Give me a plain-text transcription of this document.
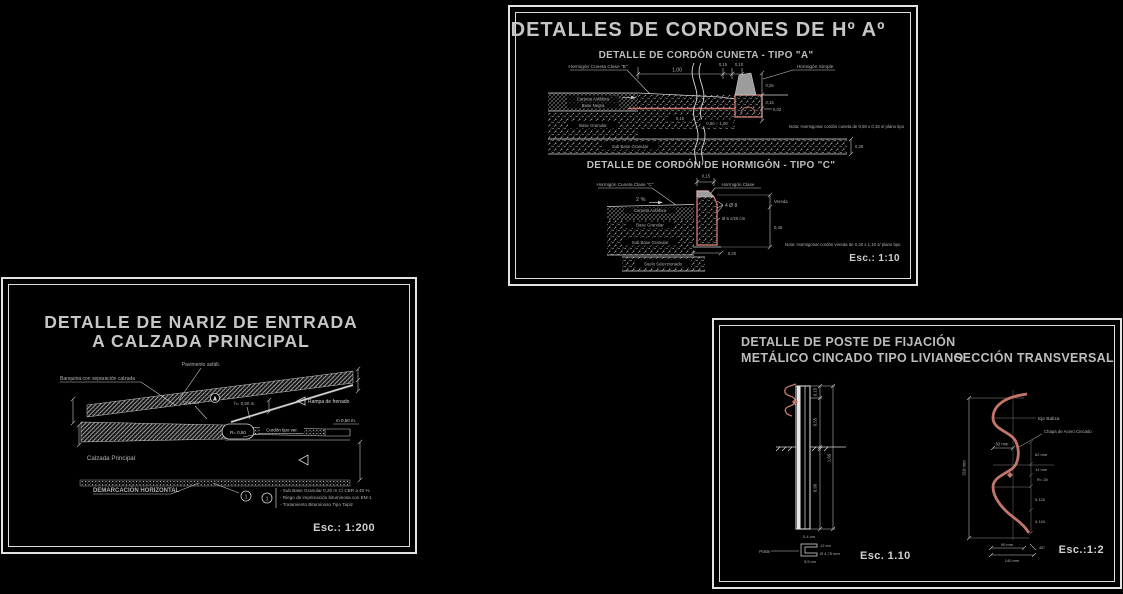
DETALLES DE CORDONES DE Hº Aº
DETALLE DE CORDÓN CUNETA - TIPO "A"
DETALLE DE CORDÓN DE HORMIGÓN - TIPO "C"
Esc.: 1:10
Hormigón Cuneta Clase "B"	Hormigón Simple
1,00
0,15 0,10
0,25
0,15
0,02
0,30
Carpeta Asfáltica
Base Negra
Base Granular
Sub Base Granular
0,15
0,50 ÷ 1,00
Nota: Hormigonar cordón cuneta de 0,50 x 0,15 s/ plano tipo
Hormigón Cuneta Clase "C"	Hormigón Clase
0,15
2 %
4 Ø 8
Ø 6 c/20 cm
Vereda
0,45
0,20
Carpeta Asfáltica
Base Granular
Sub Base Granular
Suelo Seleccionado
Nota: Hormigonar cordón vereda de 0,20 x 1,10 s/ plano tipo
DETALLE DE NARIZ DE ENTRADA
A CALZADA PRINCIPAL
Esc.: 1:200
R= 0,50
Banquina con separación calzada
Pavimento asfált.
Carpeta	h= 0,50 m.	Rampa de frenado
Cordón tipo ver.
m 0,50 m.
Calzada Principal
DEMARCACIÓN HORIZONTAL
1	1
- Sub Base Granular 0,20 m C/ CBR ≥ 40 %
- Riego de imprimación bituminosa con EM-1
- Tratamiento Bituminoso Tipo Tapiz
DETALLE DE POSTE DE FIJACIÓN
METÁLICO CINCADO TIPO LIVIANO
SECCIÓN TRANSVERSAL
Esc. 1.10	Esc.:1:2
0,15
0,55
0,90
1,60
Poste
0,4 cm
12 cm
Ø 4,75 mm
5,5 cm
310 mm
Eje Baliza
Chapa de Acero Cincado
83 mm
82 mm
14 mm
R= 28
0,120
0,140
90 mm
140 mm
45°
